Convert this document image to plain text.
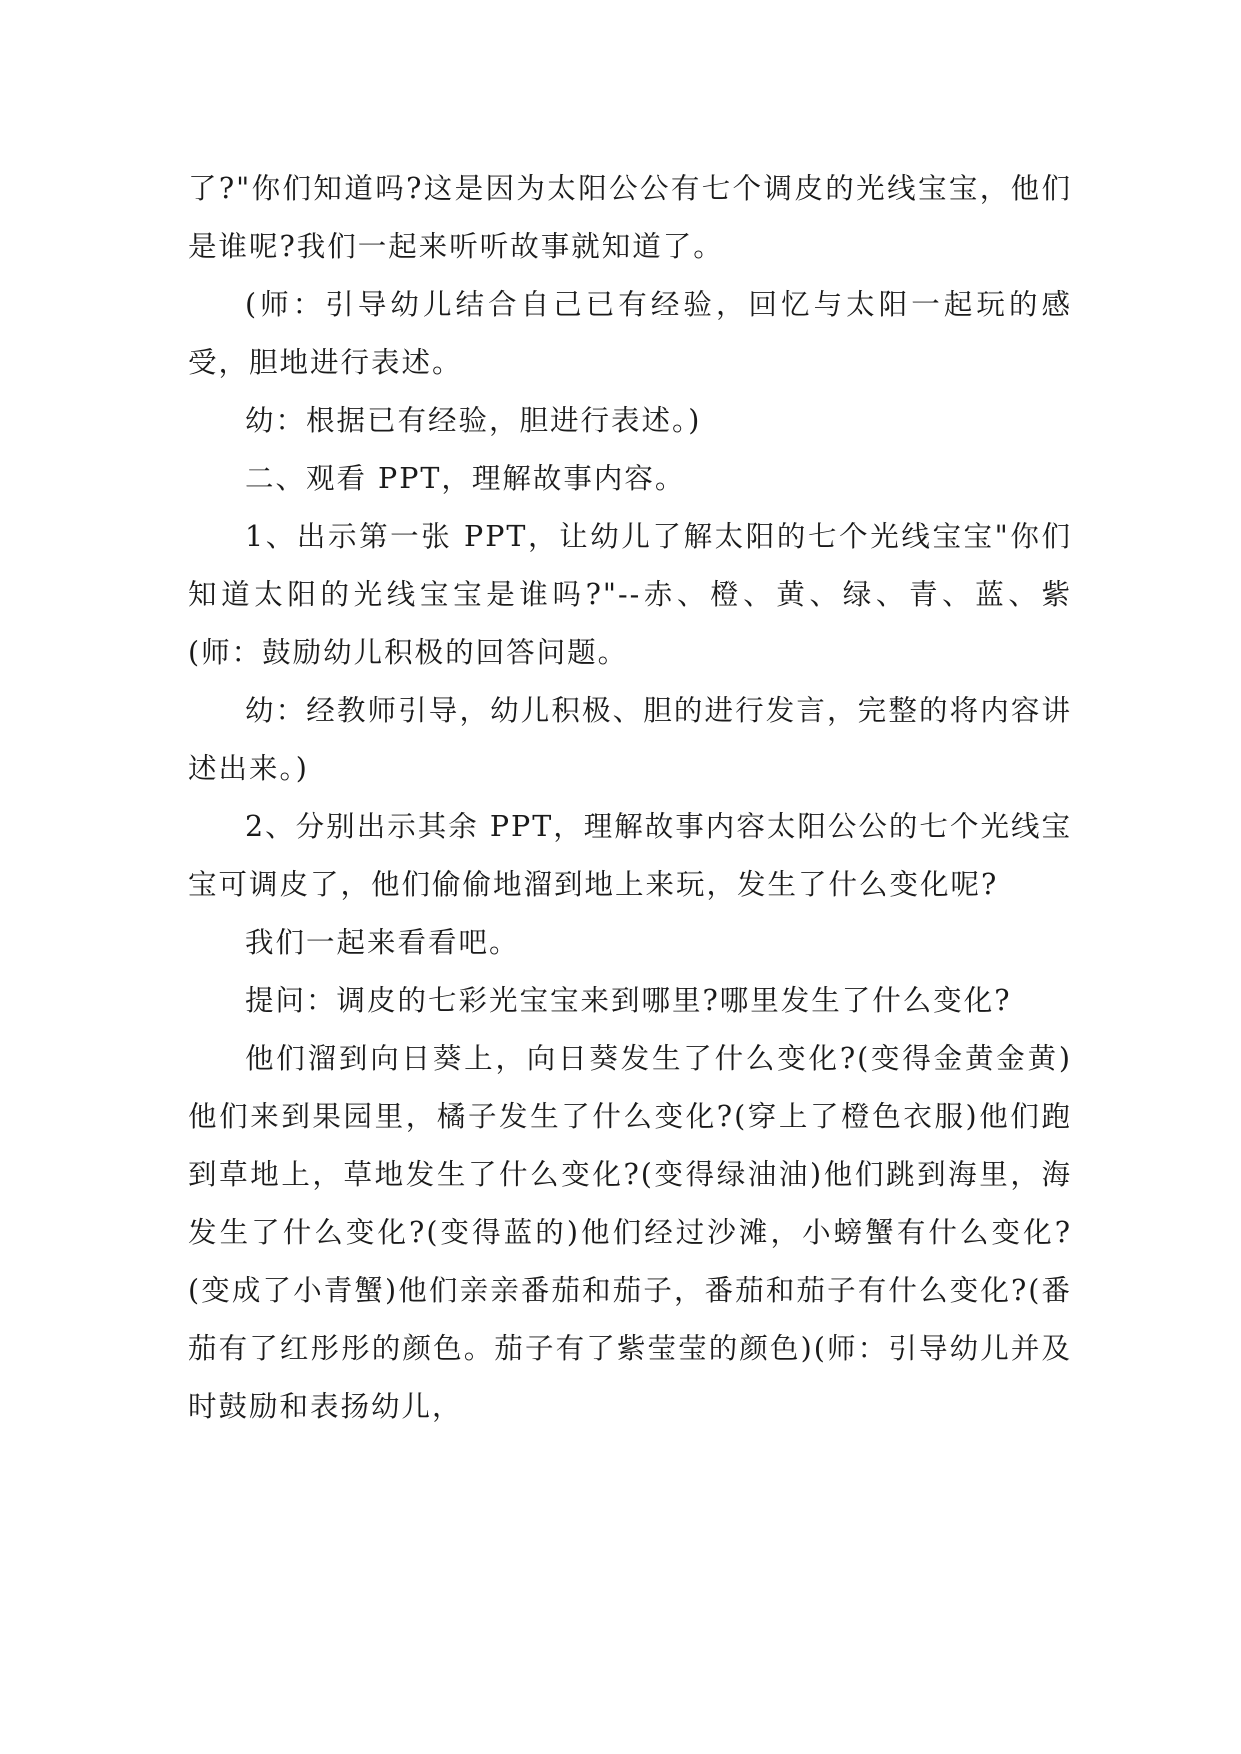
了?"你们知道吗?这是因为太阳公公有七个调皮的光线宝宝，他们是谁呢?我们一起来听听故事就知道了。

(师：引导幼儿结合自己已有经验，回忆与太阳一起玩的感受，胆地进行表述。

幼：根据已有经验，胆进行表述。)

二、观看 PPT，理解故事内容。

1、出示第一张 PPT，让幼儿了解太阳的七个光线宝宝"你们知道太阳的光线宝宝是谁吗?"--赤、橙、黄、绿、青、蓝、紫(师：鼓励幼儿积极的回答问题。

幼：经教师引导，幼儿积极、胆的进行发言，完整的将内容讲述出来。)

2、分别出示其余 PPT，理解故事内容太阳公公的七个光线宝宝可调皮了，他们偷偷地溜到地上来玩，发生了什么变化呢?

我们一起来看看吧。

提问：调皮的七彩光宝宝来到哪里?哪里发生了什么变化?

他们溜到向日葵上，向日葵发生了什么变化?(变得金黄金黄)他们来到果园里，橘子发生了什么变化?(穿上了橙色衣服)他们跑到草地上，草地发生了什么变化?(变得绿油油)他们跳到海里，海发生了什么变化?(变得蓝的)他们经过沙滩，小螃蟹有什么变化?(变成了小青蟹)他们亲亲番茄和茄子，番茄和茄子有什么变化?(番茄有了红彤彤的颜色。茄子有了紫莹莹的颜色)(师：引导幼儿并及时鼓励和表扬幼儿，
